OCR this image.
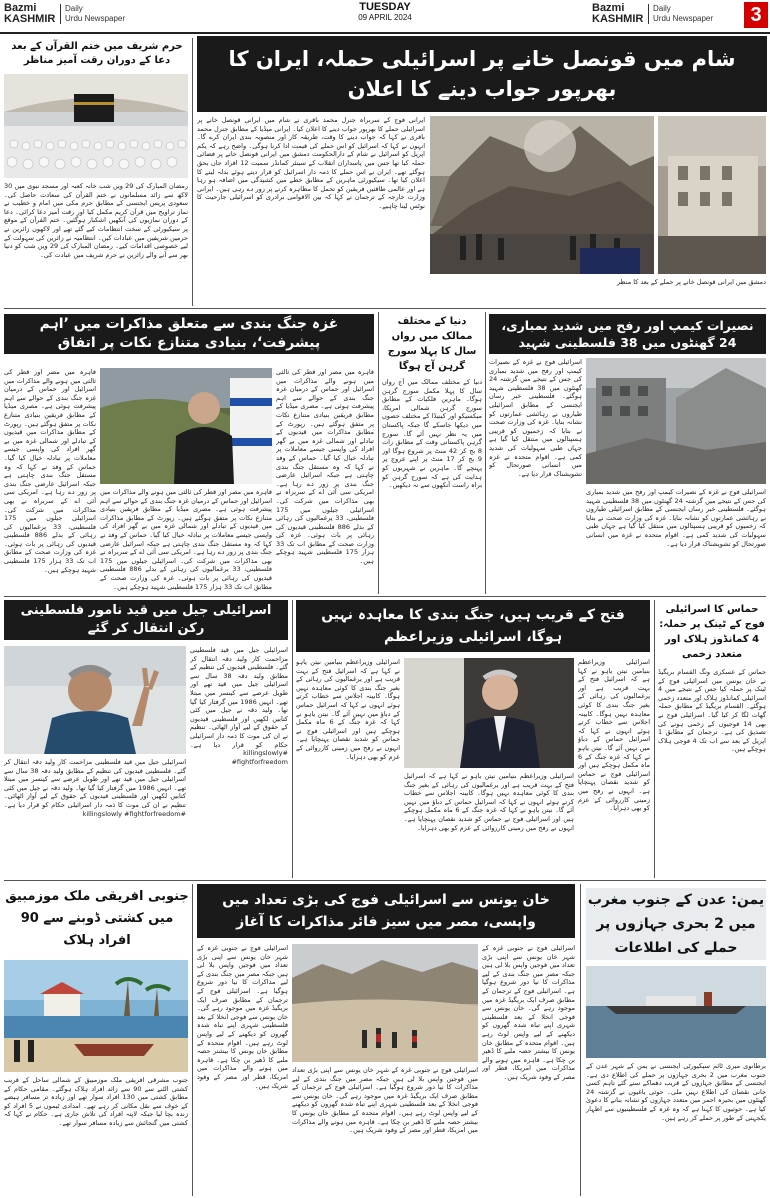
Bazmi
KASHMIR
Daily
Urdu Newspaper
TUESDAY
09 APRIL 2024
Bazmi
KASHMIR
Daily
Urdu Newspaper	3
حرم شریف میں ختم القرآن کے بعد دعا کے دوران رقت آمیز مناظر
رمضان المبارک کی 29 ویں شب خانہ کعبہ اور مسجد نبوی میں 30 لاکھ سے زائد مسلمانوں نے ختم القرآن کی سعادت حاصل کی۔ سعودی پریس ایجنسی کے مطابق حرم مکی میں امام و خطیب نے نماز تراویح میں قرآن کریم مکمل کیا اور رقت آمیز دعا کرائی۔ دعا کے دوران نمازیوں کی آنکھیں اشکبار ہوگئیں۔ ختم القرآن کے موقع پر سیکیورٹی کے سخت انتظامات کیے گئے تھے اور لاکھوں زائرین نے حرمین شریفین میں عبادات کیں۔ انتظامیہ نے زائرین کی سہولت کے لیے خصوصی اقدامات کیے۔ رمضان المبارک کی 29 ویں شب کو دنیا بھر سے آنے والے زائرین نے حرم شریف میں عبادت کی۔
شام میں قونصل خانے پر اسرائیلی حملہ، ایران کا بھرپور جواب دینے کا اعلان
ایرانی فوج کے سربراہ جنرل محمد باقری نے شام میں ایرانی قونصل خانے پر اسرائیلی حملے کا بھرپور جواب دینے کا اعلان کیا۔ ایرانی میڈیا کے مطابق جنرل محمد باقری نے کہا کہ جواب دینے کا وقت، طریقہ کار اور منصوبہ بندی ایران کرے گا۔ انہوں نے کہا کہ اسرائیل کو اس حملے کی قیمت ادا کرنا ہوگی۔ واضح رہے کہ یکم اپریل کو اسرائیل نے شام کے دارالحکومت دمشق میں ایرانی قونصل خانے پر فضائی حملہ کیا تھا جس میں پاسداران انقلاب کے سینئر کمانڈر سمیت 12 افراد جاں بحق ہوگئے تھے۔ ایران نے اس حملے کا ذمہ دار اسرائیل کو قرار دیتے ہوئے بدلہ لینے کا اعلان کیا تھا۔ سیکیورٹی ماہرین کے مطابق خطے میں کشیدگی میں اضافہ ہو رہا ہے اور عالمی طاقتیں فریقین کو تحمل کا مظاہرہ کرنے پر زور دے رہی ہیں۔ ایرانی وزارت خارجہ کے ترجمان نے کہا کہ بین الاقوامی برادری کو اسرائیلی جارحیت کا نوٹس لینا چاہیے۔
دمشق میں ایرانی قونصل خانے پر حملے کے بعد کا منظر
غزہ جنگ بندی سے متعلق مذاکرات میں ’اہم پیشرفت‘، بنیادی متنازع نکات پر اتفاق
قاہرہ میں مصر اور قطر کی ثالثی میں ہونے والے مذاکرات میں اسرائیل اور حماس کے درمیان غزہ جنگ بندی کے حوالے سے اہم پیشرفت ہوئی ہے۔ مصری میڈیا کے مطابق فریقین بنیادی متنازع نکات پر متفق ہوگئے ہیں۔ رپورٹ کے مطابق مذاکرات میں قیدیوں کے تبادلے اور شمالی غزہ میں بے گھر افراد کی واپسی جیسے معاملات پر تبادلہ خیال کیا گیا۔ حماس کے وفد نے کہا کہ وہ مستقل جنگ بندی چاہتی ہے جبکہ اسرائیل عارضی جنگ بندی پر زور دے رہا ہے۔ امریکی سی آئی اے کے سربراہ نے بھی مذاکرات میں شرکت کی۔ اسرائیلی جیلوں میں 175 فلسطینی، 33 یرغمالیوں کی رہائی کے بدلے 886 فلسطینی قیدیوں کی رہائی پر بات ہوئی۔ غزہ کی وزارت صحت کے مطابق اب تک 33 ہزار 175 فلسطینی شہید ہوچکے ہیں۔
قاہرہ میں مصر اور قطر کی ثالثی میں ہونے والے مذاکرات میں اسرائیل اور حماس کے درمیان غزہ جنگ بندی کے حوالے سے اہم پیشرفت ہوئی ہے۔ مصری میڈیا کے مطابق فریقین بنیادی متنازع نکات پر متفق ہوگئے ہیں۔ رپورٹ کے مطابق مذاکرات میں قیدیوں کے تبادلے اور شمالی غزہ میں بے گھر افراد کی واپسی جیسے معاملات پر تبادلہ خیال کیا گیا۔ حماس کے وفد نے کہا کہ وہ مستقل جنگ بندی چاہتی ہے جبکہ اسرائیل عارضی جنگ بندی پر زور دے رہا ہے۔ امریکی سی آئی اے کے سربراہ نے بھی مذاکرات میں شرکت کی۔ اسرائیلی جیلوں میں 175 فلسطینی، 33 یرغمالیوں کی رہائی کے بدلے 886 فلسطینی قیدیوں کی رہائی پر بات ہوئی۔ غزہ کی وزارت صحت کے مطابق اب تک 33 ہزار 175 فلسطینی شہید ہوچکے ہیں۔
قاہرہ میں مصر اور قطر کی ثالثی میں ہونے والے مذاکرات میں اسرائیل اور حماس کے درمیان غزہ جنگ بندی کے حوالے سے اہم پیشرفت ہوئی ہے۔ مصری میڈیا کے مطابق فریقین بنیادی متنازع نکات پر متفق ہوگئے ہیں۔ رپورٹ کے مطابق مذاکرات میں قیدیوں کے تبادلے اور شمالی غزہ میں بے گھر افراد کی واپسی جیسے معاملات پر تبادلہ خیال کیا گیا۔ حماس کے وفد نے کہا کہ وہ مستقل جنگ بندی چاہتی ہے جبکہ اسرائیل عارضی جنگ بندی پر زور دے رہا ہے۔ امریکی سی آئی اے کے سربراہ نے بھی مذاکرات میں شرکت کی۔ اسرائیلی جیلوں میں 175 فلسطینی، 33 یرغمالیوں کی رہائی کے بدلے 886 فلسطینی قیدیوں کی رہائی پر بات ہوئی۔ غزہ کی وزارت صحت کے مطابق اب تک 33 ہزار 175 فلسطینی شہید ہوچکے ہیں۔
دنیا کے مختلف ممالک میں رواں سال کا پہلا سورج گرہن آج ہوگا
دنیا کے مختلف ممالک میں آج رواں سال کا پہلا مکمل سورج گرہن ہوگا۔ ماہرین فلکیات کے مطابق سورج گرہن شمالی امریکا، میکسیکو اور کینیڈا کے مختلف حصوں میں دیکھا جاسکے گا جبکہ پاکستان میں یہ نظر نہیں آئے گا۔ سورج گرہن پاکستانی وقت کے مطابق رات 8 بج کر 42 منٹ پر شروع ہوگا اور 9 بج کر 17 منٹ پر اپنے عروج پر پہنچے گا۔ ماہرین نے شہریوں کو ہدایت کی ہے کہ سورج گرہن کو براہ راست آنکھوں سے نہ دیکھیں۔
نصیرات کیمپ اور رفح میں شدید بمباری، 24 گھنٹوں میں 38 فلسطینی شہید
اسرائیلی فوج نے غزہ کے نصیرات کیمپ اور رفح میں شدید بمباری کی جس کے نتیجے میں گزشتہ 24 گھنٹوں میں 38 فلسطینی شہید ہوگئے۔ فلسطینی خبر رساں ایجنسی کے مطابق اسرائیلی طیاروں نے رہائشی عمارتوں کو نشانہ بنایا۔ غزہ کی وزارت صحت نے بتایا کہ زخمیوں کو قریبی ہسپتالوں میں منتقل کیا گیا ہے جہاں طبی سہولیات کی شدید کمی ہے۔ اقوام متحدہ نے غزہ میں انسانی صورتحال کو تشویشناک قرار دیا ہے۔
اسرائیلی فوج نے غزہ کے نصیرات کیمپ اور رفح میں شدید بمباری کی جس کے نتیجے میں گزشتہ 24 گھنٹوں میں 38 فلسطینی شہید ہوگئے۔ فلسطینی خبر رساں ایجنسی کے مطابق اسرائیلی طیاروں نے رہائشی عمارتوں کو نشانہ بنایا۔ غزہ کی وزارت صحت نے بتایا کہ زخمیوں کو قریبی ہسپتالوں میں منتقل کیا گیا ہے جہاں طبی سہولیات کی شدید کمی ہے۔ اقوام متحدہ نے غزہ میں انسانی صورتحال کو تشویشناک قرار دیا ہے۔
اسرائیلی جیل میں قید نامور فلسطینی رکن انتقال کر گئے
اسرائیلی جیل میں قید فلسطینی مزاحمت کار ولید دقہ انتقال کر گئے۔ فلسطینی قیدیوں کی تنظیم کے مطابق ولید دقہ 38 سال سے اسرائیلی جیل میں قید تھے اور طویل عرصے سے کینسر میں مبتلا تھے۔ انہیں 1986 میں گرفتار کیا گیا تھا۔ ولید دقہ نے جیل میں کئی کتابیں لکھیں اور فلسطینی قیدیوں کے حقوق کے لیے آواز اٹھائی۔ تنظیم نے ان کی موت کا ذمہ دار اسرائیلی حکام کو قرار دیا ہے۔ #killingslowly #fightforfreedom
اسرائیلی جیل میں قید فلسطینی مزاحمت کار ولید دقہ انتقال کر گئے۔ فلسطینی قیدیوں کی تنظیم کے مطابق ولید دقہ 38 سال سے اسرائیلی جیل میں قید تھے اور طویل عرصے سے کینسر میں مبتلا تھے۔ انہیں 1986 میں گرفتار کیا گیا تھا۔ ولید دقہ نے جیل میں کئی کتابیں لکھیں اور فلسطینی قیدیوں کے حقوق کے لیے آواز اٹھائی۔ تنظیم نے ان کی موت کا ذمہ دار اسرائیلی حکام کو قرار دیا ہے۔ #killingslowly #fightforfreedom
فتح کے قریب ہیں، جنگ بندی کا معاہدہ نہیں ہوگا، اسرائیلی وزیراعظم
اسرائیلی وزیراعظم بنیامین نیتن یاہو نے کہا ہے کہ اسرائیل فتح کے بہت قریب ہے اور یرغمالیوں کی رہائی کے بغیر جنگ بندی کا کوئی معاہدہ نہیں ہوگا۔ کابینہ اجلاس سے خطاب کرتے ہوئے انہوں نے کہا کہ اسرائیل حماس کے دباؤ میں نہیں آئے گا۔ نیتن یاہو نے کہا کہ غزہ جنگ کے 6 ماہ مکمل ہوچکے ہیں اور اسرائیلی فوج نے حماس کو شدید نقصان پہنچایا ہے۔ انہوں نے رفح میں زمینی کارروائی کے عزم کو بھی دہرایا۔
اسرائیلی وزیراعظم بنیامین نیتن یاہو نے کہا ہے کہ اسرائیل فتح کے بہت قریب ہے اور یرغمالیوں کی رہائی کے بغیر جنگ بندی کا کوئی معاہدہ نہیں ہوگا۔ کابینہ اجلاس سے خطاب کرتے ہوئے انہوں نے کہا کہ اسرائیل حماس کے دباؤ میں نہیں آئے گا۔ نیتن یاہو نے کہا کہ غزہ جنگ کے 6 ماہ مکمل ہوچکے ہیں اور اسرائیلی فوج نے حماس کو شدید نقصان پہنچایا ہے۔ انہوں نے رفح میں زمینی کارروائی کے عزم کو بھی دہرایا۔
اسرائیلی وزیراعظم بنیامین نیتن یاہو نے کہا ہے کہ اسرائیل فتح کے بہت قریب ہے اور یرغمالیوں کی رہائی کے بغیر جنگ بندی کا کوئی معاہدہ نہیں ہوگا۔ کابینہ اجلاس سے خطاب کرتے ہوئے انہوں نے کہا کہ اسرائیل حماس کے دباؤ میں نہیں آئے گا۔ نیتن یاہو نے کہا کہ غزہ جنگ کے 6 ماہ مکمل ہوچکے ہیں اور اسرائیلی فوج نے حماس کو شدید نقصان پہنچایا ہے۔ انہوں نے رفح میں زمینی کارروائی کے عزم کو بھی دہرایا۔
حماس کا اسرائیلی فوج کے ٹینک پر حملہ: 4 کمانڈوز ہلاک اور متعدد زخمی
حماس کے عسکری ونگ القسام بریگیڈ نے خان یونس میں اسرائیلی فوج کے ٹینک پر حملہ کیا جس کے نتیجے میں 4 اسرائیلی کمانڈوز ہلاک اور متعدد زخمی ہوگئے۔ القسام بریگیڈ کے مطابق حملہ گھات لگا کر کیا گیا۔ اسرائیلی فوج نے بھی 14 فوجیوں کے زخمی ہونے کی تصدیق کی ہے۔ ترجمان کے مطابق 1 اپریل کے بعد سے اب تک 4 فوجی ہلاک ہوچکے ہیں۔
جنوبی افریقی ملک موزمبیق میں کشتی ڈوبنے سے 90 افراد ہلاک
جنوب مشرقی افریقی ملک موزمبیق کے شمالی ساحل کے قریب کشتی الٹنے سے 90 سے زائد افراد ہلاک ہوگئے۔ مقامی حکام کے مطابق کشتی میں 130 افراد سوار تھے اور زیادہ تر مسافر ہیضے کے خوف سے نقل مکانی کر رہے تھے۔ امدادی ٹیموں نے 5 افراد کو زندہ بچا لیا جبکہ لاپتہ افراد کی تلاش جاری ہے۔ حکام نے کہا کہ کشتی میں گنجائش سے زیادہ مسافر سوار تھے۔
خان یونس سے اسرائیلی فوج کی بڑی تعداد میں واپسی، مصر میں سیز فائر مذاکرات کا آغاز
اسرائیلی فوج نے جنوبی غزہ کے شہر خان یونس سے اپنی بڑی تعداد میں فوجیں واپس بلا لی ہیں جبکہ مصر میں جنگ بندی کے لیے مذاکرات کا نیا دور شروع ہوگیا ہے۔ اسرائیلی فوج کے ترجمان کے مطابق صرف ایک بریگیڈ غزہ میں موجود رہے گی۔ خان یونس سے فوجی انخلا کے بعد فلسطینی شہری اپنے تباہ شدہ گھروں کو دیکھنے کے لیے واپس لوٹ رہے ہیں۔ اقوام متحدہ کے مطابق خان یونس کا بیشتر حصہ ملبے کا ڈھیر بن چکا ہے۔ قاہرہ میں ہونے والے مذاکرات میں امریکا، قطر اور مصر کے وفود شریک ہیں۔
اسرائیلی فوج نے جنوبی غزہ کے شہر خان یونس سے اپنی بڑی تعداد میں فوجیں واپس بلا لی ہیں جبکہ مصر میں جنگ بندی کے لیے مذاکرات کا نیا دور شروع ہوگیا ہے۔ اسرائیلی فوج کے ترجمان کے مطابق صرف ایک بریگیڈ غزہ میں موجود رہے گی۔ خان یونس سے فوجی انخلا کے بعد فلسطینی شہری اپنے تباہ شدہ گھروں کو دیکھنے کے لیے واپس لوٹ رہے ہیں۔ اقوام متحدہ کے مطابق خان یونس کا بیشتر حصہ ملبے کا ڈھیر بن چکا ہے۔ قاہرہ میں ہونے والے مذاکرات میں امریکا، قطر اور مصر کے وفود شریک ہیں۔
اسرائیلی فوج نے جنوبی غزہ کے شہر خان یونس سے اپنی بڑی تعداد میں فوجیں واپس بلا لی ہیں جبکہ مصر میں جنگ بندی کے لیے مذاکرات کا نیا دور شروع ہوگیا ہے۔ اسرائیلی فوج کے ترجمان کے مطابق صرف ایک بریگیڈ غزہ میں موجود رہے گی۔ خان یونس سے فوجی انخلا کے بعد فلسطینی شہری اپنے تباہ شدہ گھروں کو دیکھنے کے لیے واپس لوٹ رہے ہیں۔ اقوام متحدہ کے مطابق خان یونس کا بیشتر حصہ ملبے کا ڈھیر بن چکا ہے۔ قاہرہ میں ہونے والے مذاکرات میں امریکا، قطر اور مصر کے وفود شریک ہیں۔
یمن: عدن کے جنوب مغرب میں 2 بحری جہازوں پر حملے کی اطلاعات
برطانوی میری ٹائم سیکیورٹی ایجنسی نے یمن کے شہر عدن کے جنوب مغرب میں 2 بحری جہازوں پر حملے کی اطلاع دی ہے۔ ایجنسی کے مطابق جہازوں کے قریب دھماکے سنے گئے تاہم کسی جانی نقصان کی اطلاع نہیں ملی۔ حوثی باغیوں نے گزشتہ 24 گھنٹوں میں بحیرہ احمر میں متعدد جہازوں کو نشانہ بنانے کا دعویٰ کیا ہے۔ حوثیوں کا کہنا ہے کہ وہ غزہ کے فلسطینیوں سے اظہار یکجہتی کے طور پر حملے کر رہے ہیں۔
